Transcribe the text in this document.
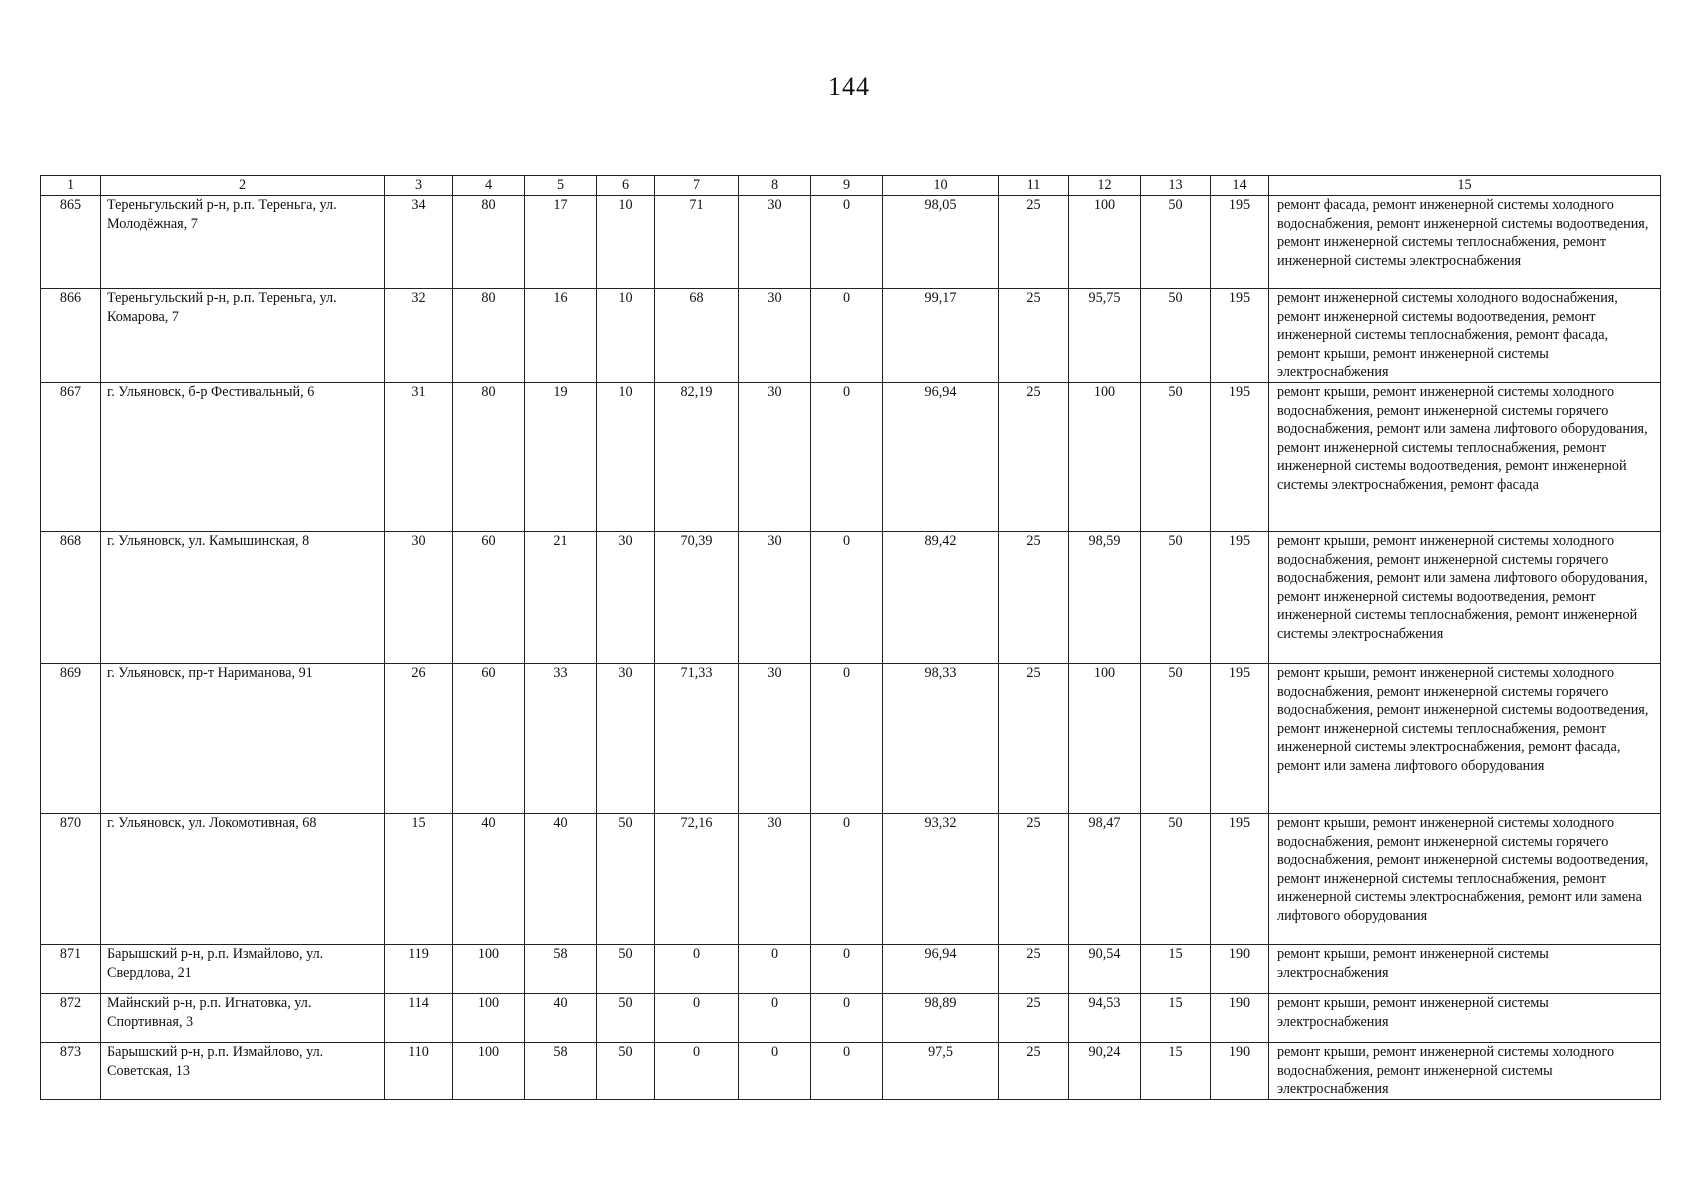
144
1	2	3	4	5	6	7	8	9	10	11	12	13	14	15
865	Тереньгульский р-н, р.п. Тереньга, ул. Молодёжная, 7	34	80	17	10	71	30	0	98,05	25	100	50	195	ремонт фасада, ремонт инженерной системы холодного водоснабжения, ремонт инженерной системы водоотведения, ремонт инженерной системы теплоснабжения, ремонт инженерной системы электроснабжения
866	Тереньгульский р-н, р.п. Тереньга, ул. Комарова, 7	32	80	16	10	68	30	0	99,17	25	95,75	50	195	ремонт инженерной системы холодного водоснабжения, ремонт инженерной системы водоотведения, ремонт инженерной системы теплоснабжения, ремонт фасада, ремонт крыши, ремонт инженерной системы электроснабжения
867	г. Ульяновск, б-р Фестивальный, 6	31	80	19	10	82,19	30	0	96,94	25	100	50	195	ремонт крыши, ремонт инженерной системы холодного водоснабжения, ремонт инженерной системы горячего водоснабжения, ремонт или замена лифтового оборудования, ремонт инженерной системы теплоснабжения, ремонт инженерной системы водоотведения, ремонт инженерной системы электроснабжения, ремонт фасада
868	г. Ульяновск, ул. Камышинская, 8	30	60	21	30	70,39	30	0	89,42	25	98,59	50	195	ремонт крыши, ремонт инженерной системы холодного водоснабжения, ремонт инженерной системы горячего водоснабжения, ремонт или замена лифтового оборудования, ремонт инженерной системы водоотведения, ремонт инженерной системы теплоснабжения, ремонт инженерной системы электроснабжения
869	г. Ульяновск, пр-т Нариманова, 91	26	60	33	30	71,33	30	0	98,33	25	100	50	195	ремонт крыши, ремонт инженерной системы холодного водоснабжения, ремонт инженерной системы горячего водоснабжения, ремонт инженерной системы водоотведения, ремонт инженерной системы теплоснабжения, ремонт инженерной системы электроснабжения, ремонт фасада, ремонт или замена лифтового оборудования
870	г. Ульяновск, ул. Локомотивная, 68	15	40	40	50	72,16	30	0	93,32	25	98,47	50	195	ремонт крыши, ремонт инженерной системы холодного водоснабжения, ремонт инженерной системы горячего водоснабжения, ремонт инженерной системы водоотведения, ремонт инженерной системы теплоснабжения, ремонт инженерной системы электроснабжения, ремонт или замена лифтового оборудования
871	Барышский р-н, р.п. Измайлово, ул. Свердлова, 21	119	100	58	50	0	0	0	96,94	25	90,54	15	190	ремонт крыши, ремонт инженерной системы электроснабжения
872	Майнский р-н, р.п. Игнатовка, ул. Спортивная, 3	114	100	40	50	0	0	0	98,89	25	94,53	15	190	ремонт крыши, ремонт инженерной системы электроснабжения
873	Барышский р-н, р.п. Измайлово, ул. Советская, 13	110	100	58	50	0	0	0	97,5	25	90,24	15	190	ремонт крыши, ремонт инженерной системы холодного водоснабжения, ремонт инженерной системы электроснабжения
